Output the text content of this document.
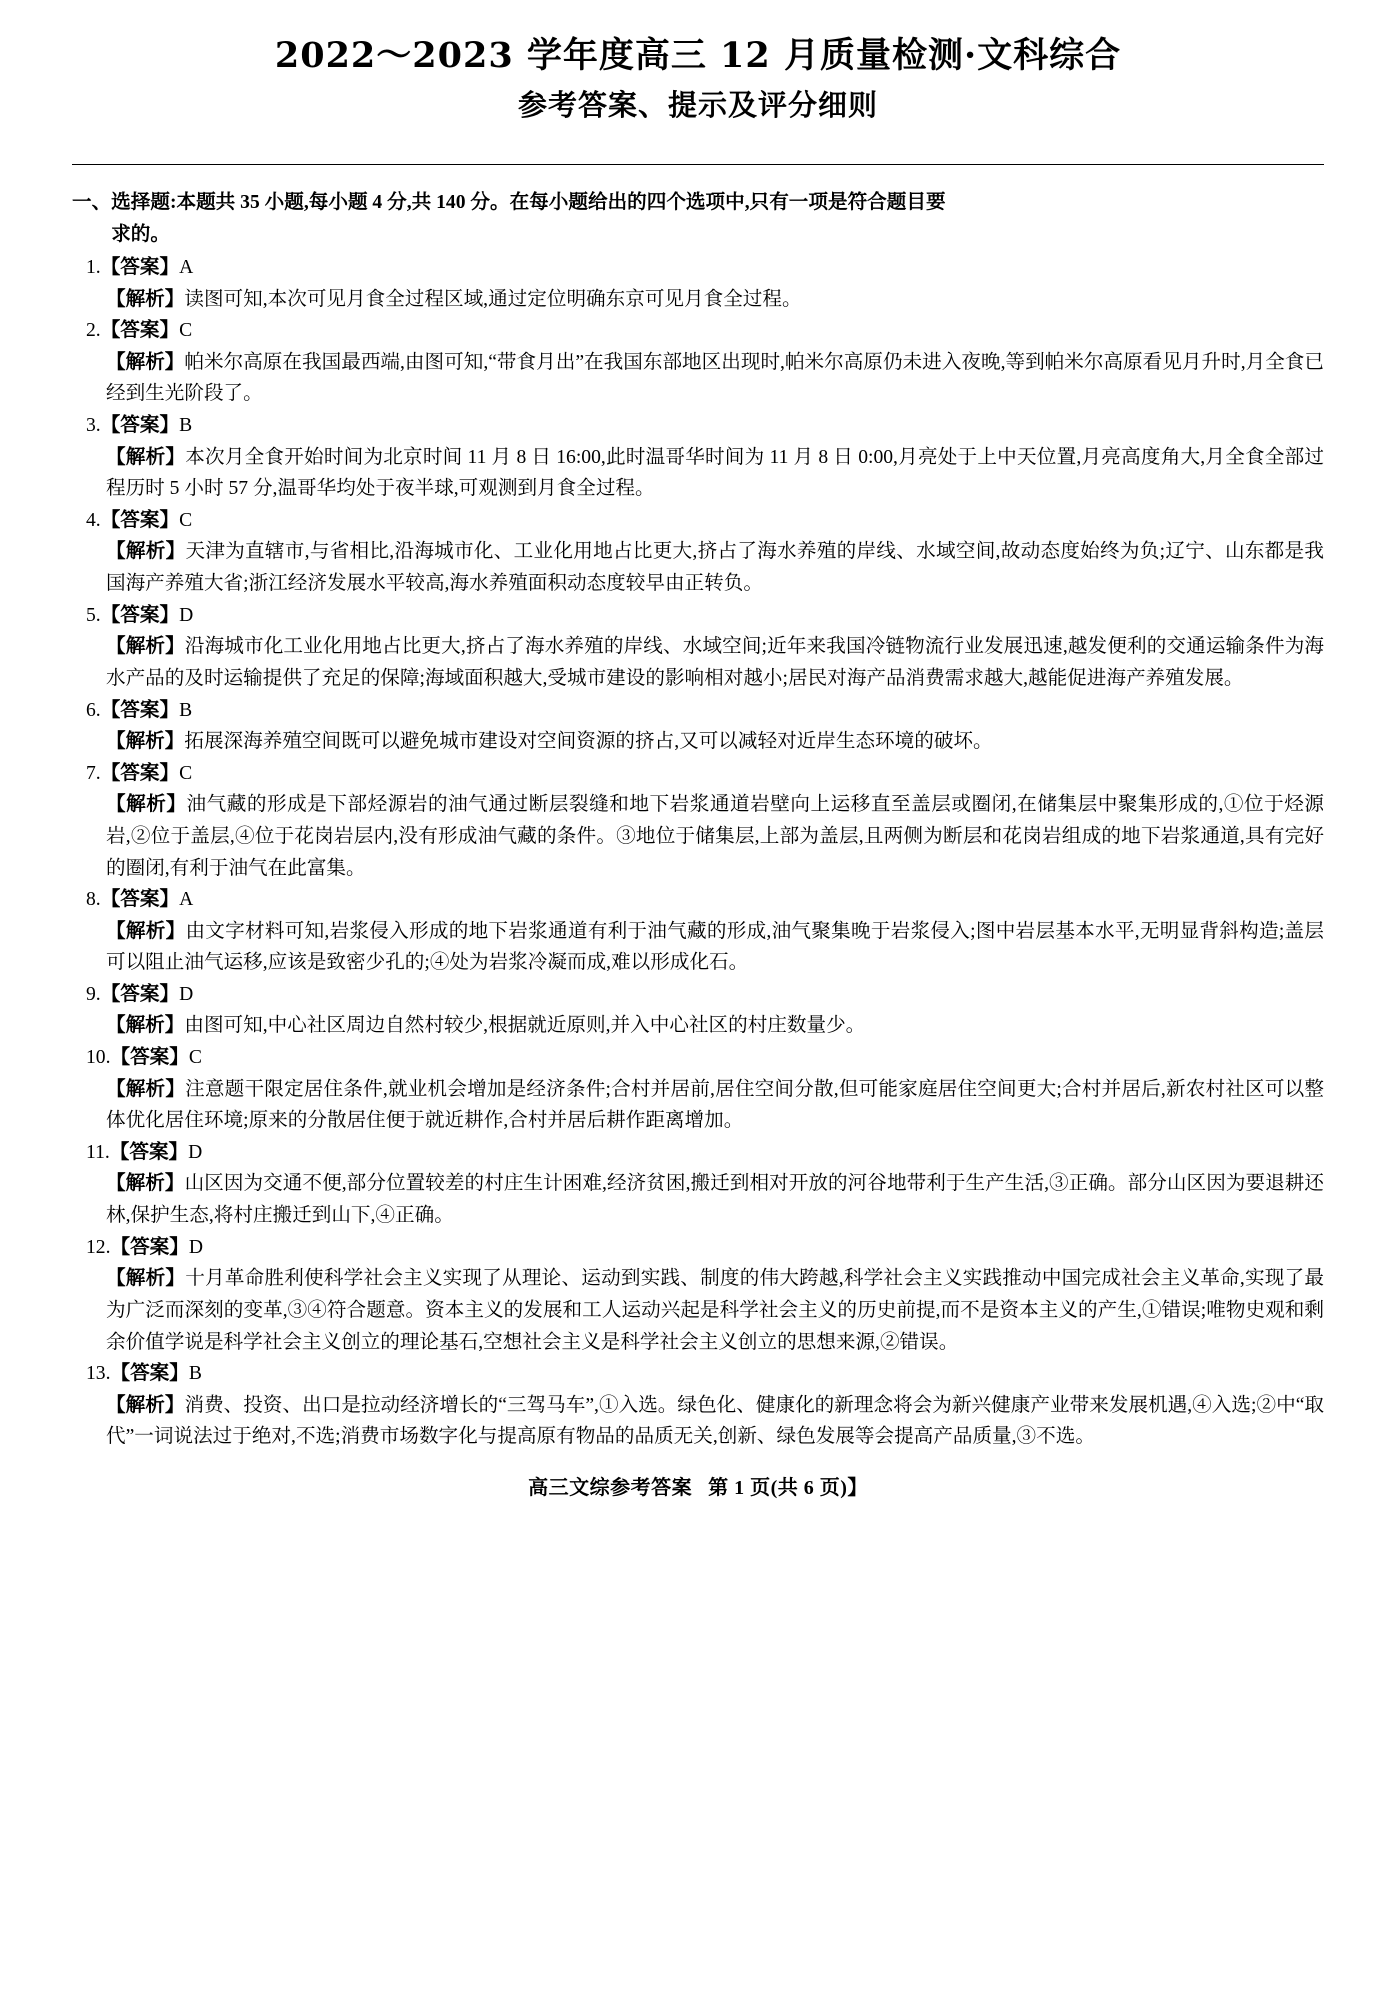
2022～2023 学年度高三 12 月质量检测·文科综合
参考答案、提示及评分细则
一、选择题:本题共 35 小题,每小题 4 分,共 140 分。在每小题给出的四个选项中,只有一项是符合题目要
求的。
1.【答案】A
【解析】读图可知,本次可见月食全过程区域,通过定位明确东京可见月食全过程。
2.【答案】C
【解析】帕米尔高原在我国最西端,由图可知,“带食月出”在我国东部地区出现时,帕米尔高原仍未进入夜晚,等到帕米尔高原看见月升时,月全食已经到生光阶段了。
3.【答案】B
【解析】本次月全食开始时间为北京时间 11 月 8 日 16:00,此时温哥华时间为 11 月 8 日 0:00,月亮处于上中天位置,月亮高度角大,月全食全部过程历时 5 小时 57 分,温哥华均处于夜半球,可观测到月食全过程。
4.【答案】C
【解析】天津为直辖市,与省相比,沿海城市化、工业化用地占比更大,挤占了海水养殖的岸线、水域空间,故动态度始终为负;辽宁、山东都是我国海产养殖大省;浙江经济发展水平较高,海水养殖面积动态度较早由正转负。
5.【答案】D
【解析】沿海城市化工业化用地占比更大,挤占了海水养殖的岸线、水域空间;近年来我国冷链物流行业发展迅速,越发便利的交通运输条件为海水产品的及时运输提供了充足的保障;海域面积越大,受城市建设的影响相对越小;居民对海产品消费需求越大,越能促进海产养殖发展。
6.【答案】B
【解析】拓展深海养殖空间既可以避免城市建设对空间资源的挤占,又可以减轻对近岸生态环境的破坏。
7.【答案】C
【解析】油气藏的形成是下部烃源岩的油气通过断层裂缝和地下岩浆通道岩壁向上运移直至盖层或圈闭,在储集层中聚集形成的,①位于烃源岩,②位于盖层,④位于花岗岩层内,没有形成油气藏的条件。③地位于储集层,上部为盖层,且两侧为断层和花岗岩组成的地下岩浆通道,具有完好的圈闭,有利于油气在此富集。
8.【答案】A
【解析】由文字材料可知,岩浆侵入形成的地下岩浆通道有利于油气藏的形成,油气聚集晚于岩浆侵入;图中岩层基本水平,无明显背斜构造;盖层可以阻止油气运移,应该是致密少孔的;④处为岩浆冷凝而成,难以形成化石。
9.【答案】D
【解析】由图可知,中心社区周边自然村较少,根据就近原则,并入中心社区的村庄数量少。
10.【答案】C
【解析】注意题干限定居住条件,就业机会增加是经济条件;合村并居前,居住空间分散,但可能家庭居住空间更大;合村并居后,新农村社区可以整体优化居住环境;原来的分散居住便于就近耕作,合村并居后耕作距离增加。
11.【答案】D
【解析】山区因为交通不便,部分位置较差的村庄生计困难,经济贫困,搬迁到相对开放的河谷地带利于生产生活,③正确。部分山区因为要退耕还林,保护生态,将村庄搬迁到山下,④正确。
12.【答案】D
【解析】十月革命胜利使科学社会主义实现了从理论、运动到实践、制度的伟大跨越,科学社会主义实践推动中国完成社会主义革命,实现了最为广泛而深刻的变革,③④符合题意。资本主义的发展和工人运动兴起是科学社会主义的历史前提,而不是资本主义的产生,①错误;唯物史观和剩余价值学说是科学社会主义创立的理论基石,空想社会主义是科学社会主义创立的思想来源,②错误。
13.【答案】B
【解析】消费、投资、出口是拉动经济增长的“三驾马车”,①入选。绿色化、健康化的新理念将会为新兴健康产业带来发展机遇,④入选;②中“取代”一词说法过于绝对,不选;消费市场数字化与提高原有物品的品质无关,创新、绿色发展等会提高产品质量,③不选。
高三文综参考答案 第 1 页(共 6 页)】
